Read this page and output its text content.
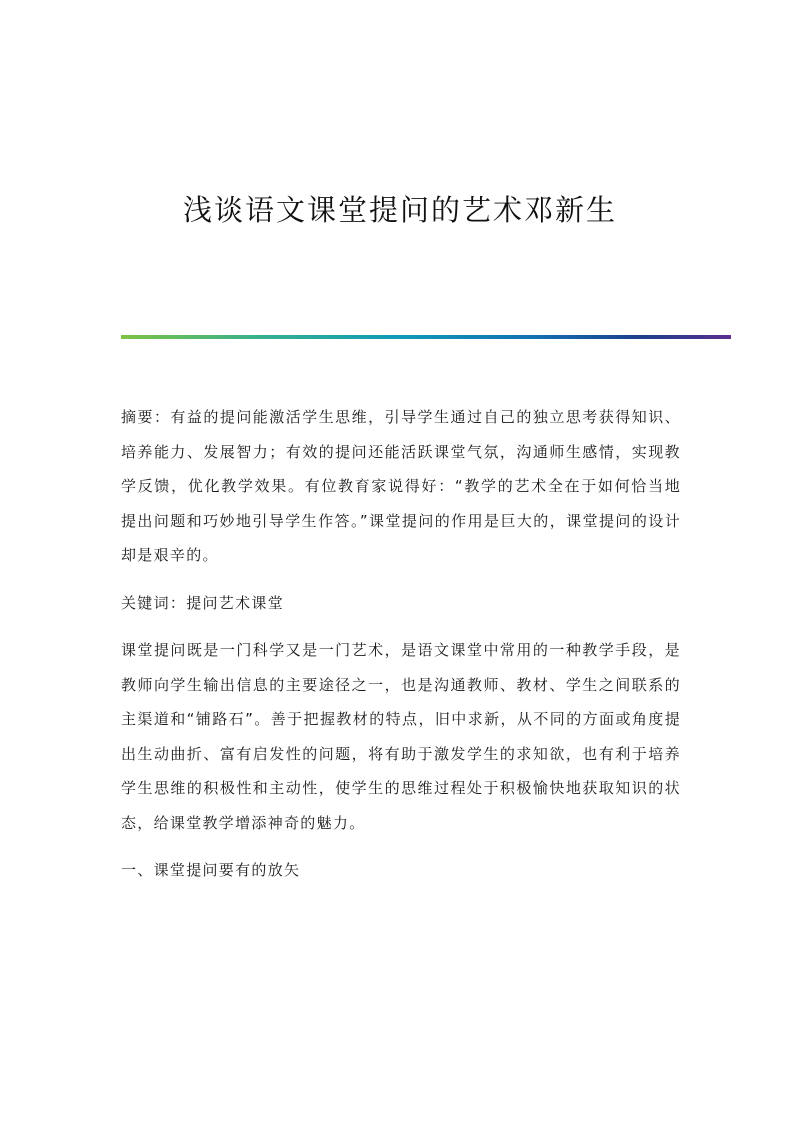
浅谈语文课堂提问的艺术邓新生

摘要：有益的提问能激活学生思维，引导学生通过自己的独立思考获得知识、培养能力、发展智力；有效的提问还能活跃课堂气氛，沟通师生感情，实现教学反馈，优化教学效果。有位教育家说得好：“教学的艺术全在于如何恰当地提出问题和巧妙地引导学生作答。”课堂提问的作用是巨大的，课堂提问的设计却是艰辛的。

关键词：提问艺术课堂

课堂提问既是一门科学又是一门艺术，是语文课堂中常用的一种教学手段，是教师向学生输出信息的主要途径之一，也是沟通教师、教材、学生之间联系的主渠道和“铺路石”。善于把握教材的特点，旧中求新，从不同的方面或角度提出生动曲折、富有启发性的问题，将有助于激发学生的求知欲，也有利于培养学生思维的积极性和主动性，使学生的思维过程处于积极愉快地获取知识的状态，给课堂教学增添神奇的魅力。

一、课堂提问要有的放矢
